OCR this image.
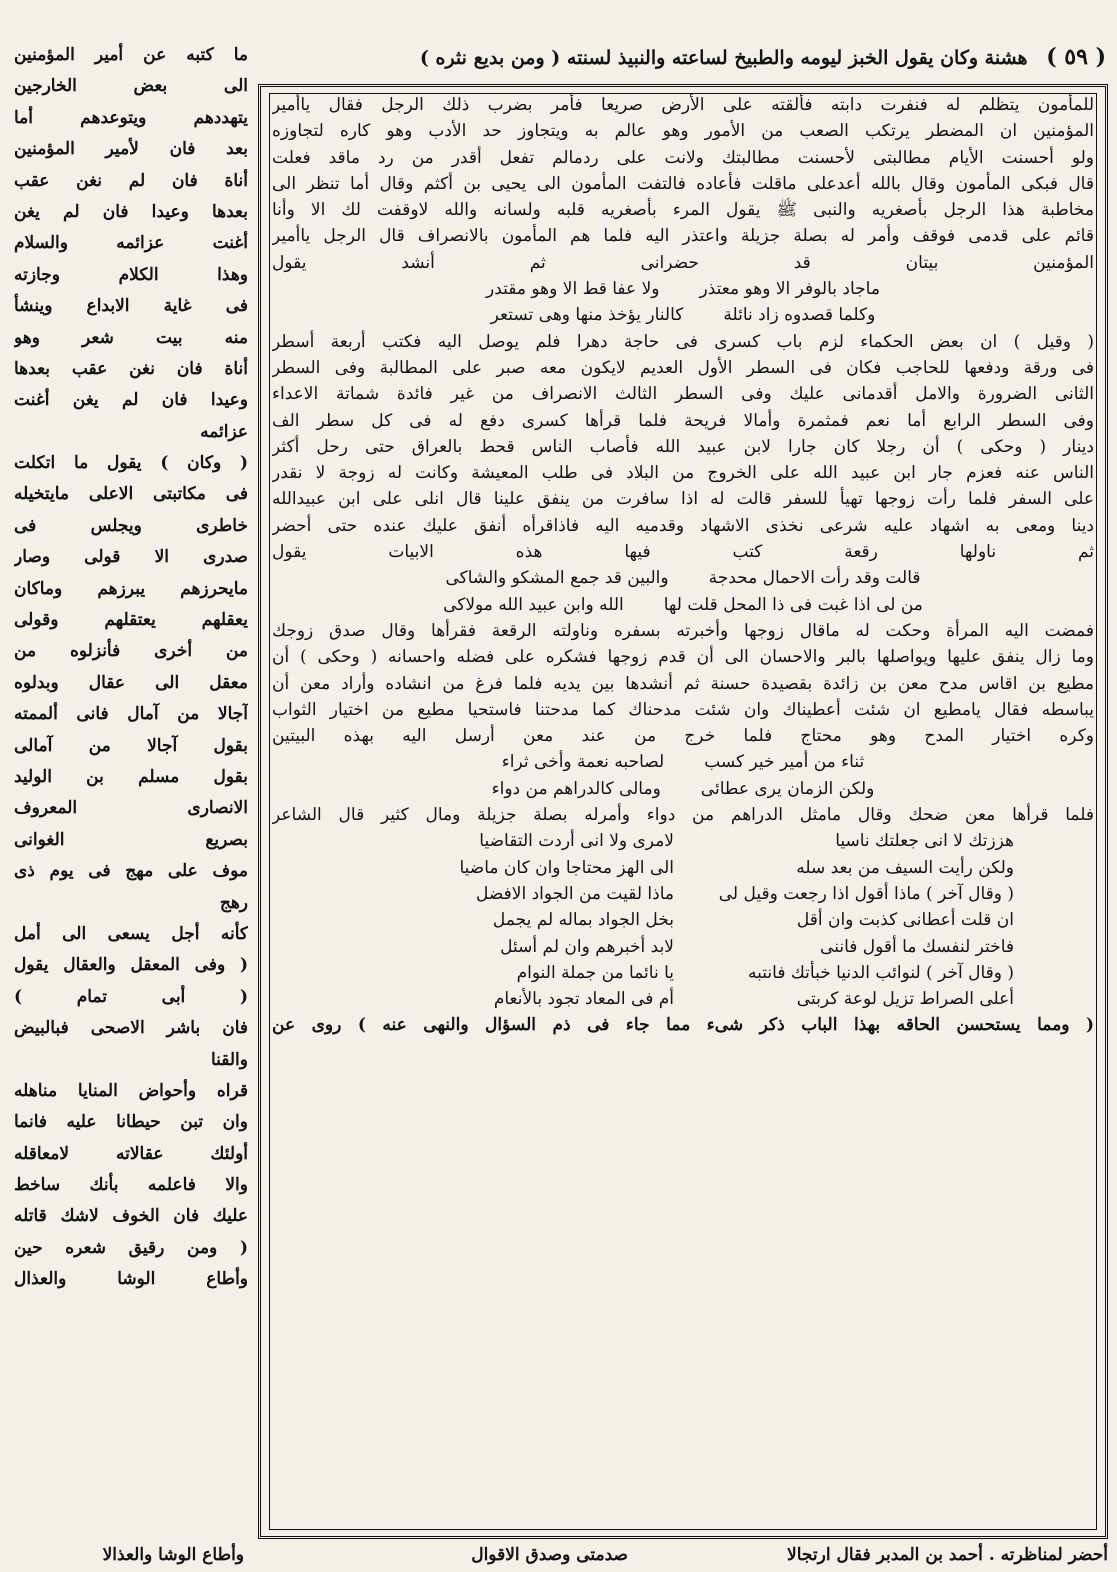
( ٥٩ ) هشنة وكان يقول الخبز ليومه والطبيخ لساعته والنبيذ لسنته ( ومن بديع نثره )
للمأمون يتظلم له فنفرت دابته فألقته على الأرض صريعا فأمر بضرب ذلك الرجل فقال ياأمير
المؤمنين ان المضطر يرتكب الصعب من الأمور وهو عالم به ويتجاوز حد الأدب وهو كاره لتجاوزه
ولو أحسنت الأيام مطالبتى لأحسنت مطالبتك ولانت على ردمالم تفعل أقدر من رد ماقد فعلت
قال فبكى المأمون وقال بالله أعدعلى ماقلت فأعاده فالتفت المأمون الى يحيى بن أكثم وقال أما تنظر الى
مخاطبة هذا الرجل بأصغريه والنبى ﷺ يقول المرء بأصغريه قلبه ولسانه والله لاوقفت لك الا وأنا
قائم على قدمى فوقف وأمر له بصلة جزيلة واعتذر اليه فلما هم المأمون بالانصراف قال الرجل ياأمير
المؤمنين بيتان قد حضرانى ثم أنشد يقول
ماجاد بالوفر الا وهو معتذرولا عفا قط الا وهو مقتدر
وكلما قصدوه زاد نائلةكالنار يؤخذ منها وهى تستعر
( وقيل ) ان بعض الحكماء لزم باب كسرى فى حاجة دهرا فلم يوصل اليه فكتب أربعة أسطر
فى ورقة ودفعها للحاجب فكان فى السطر الأول العديم لايكون معه صبر على المطالبة وفى السطر
الثانى الضرورة والامل أقدمانى عليك وفى السطر الثالث الانصراف من غير فائدة شماتة الاعداء
وفى السطر الرابع أما نعم فمثمرة وأمالا فريحة فلما قرأها كسرى دفع له فى كل سطر الف
دينار ( وحكى ) أن رجلا كان جارا لابن عبيد الله فأصاب الناس قحط بالعراق حتى رحل أكثر
الناس عنه فعزم جار ابن عبيد الله على الخروج من البلاد فى طلب المعيشة وكانت له زوجة لا نقدر
على السفر فلما رأت زوجها تهيأ للسفر قالت له اذا سافرت من ينفق علينا قال انلى على ابن عبيدالله
دينا ومعى به اشهاد عليه شرعى نخذى الاشهاد وقدميه اليه فاذاقرأه أنفق عليك عنده حتى أحضر
ثم ناولها رقعة كتب فيها هذه الابيات يقول
قالت وقد رأت الاحمال محدجةوالبين قد جمع المشكو والشاكى
من لى اذا غبت فى ذا المحل قلت لهاالله وابن عبيد الله مولاكى
فمضت اليه المرأة وحكت له ماقال زوجها وأخبرته بسفره وناولته الرقعة فقرأها وقال صدق زوجك
وما زال ينفق عليها ويواصلها بالبر والاحسان الى أن قدم زوجها فشكره على فضله واحسانه ( وحكى ) أن
مطيع بن اقاس مدح معن بن زائدة بقصيدة حسنة ثم أنشدها بين يديه فلما فرغ من انشاده وأراد معن أن
يباسطه فقال يامطيع ان شئت أعطيناك وان شئت مدحناك كما مدحتنا فاستحيا مطيع من اختيار الثواب
وكره اختيار المدح وهو محتاج فلما خرج من عند معن أرسل اليه بهذه البيتين
ثناء من أمير خير كسبلصاحبه نعمة وأخى ثراء
ولكن الزمان يرى عطائىومالى كالدراهم من دواء
فلما قرأها معن ضحك وقال مامثل الدراهم من دواء وأمرله بصلة جزيلة ومال كثير قال الشاعر
هززتك لا انى جعلتك ناسيا
لامرى ولا انى أردت التقاضيا
ولكن رأيت السيف من بعد سله
الى الهز محتاجا وان كان ماضيا
( وقال آخر ) ماذا أقول اذا رجعت وقيل لى
ماذا لقيت من الجواد الافضل
ان قلت أعطانى كذبت وان أقل
بخل الجواد بماله لم يجمل
فاختر لنفسك ما أقول فاننى
لابد أخبرهم وان لم أسئل
( وقال آخر ) لنوائب الدنيا خبأتك فانتبه
يا نائما من جملة النوام
أعلى الصراط تزيل لوعة كربتى
أم فى المعاد تجود بالأنعام
( ومما يستحسن الحاقه بهذا الباب ذكر شىء مما جاء فى ذم السؤال والنهى عنه ) روى عن
ما كتبه عن أمير المؤمنين
الى بعض الخارجين
يتهددهم ويتوعدهم أما
بعد فان لأمير المؤمنين
أناة فان لم نغن عقب
بعدها وعيدا فان لم يغن
أغنت عزائمه والسلام
وهذا الكلام وجازته
فى غاية الابداع وينشأ
منه بيت شعر وهو
أناة فان نغن عقب بعدها
وعيدا فان لم يغن أغنت
عزائمه
( وكان ) يقول ما اتكلت
فى مكاتبتى الاعلى مايتخيله
خاطرى ويجلس فى
صدرى الا قولى وصار
مايحرزهم يبرزهم وماكان
يعقلهم يعتقلهم وقولى
من أخرى فأنزلوه من
معقل الى عقال وبدلوه
آجالا من آمال فانى ألممته
بقول آجالا من آمالى
بقول مسلم بن الوليد
الانصارى المعروف
بصريع الغوانى
موف على مهج فى يوم ذى
رهج
كأنه أجل يسعى الى أمل
( وفى المعقل والعقال يقول
( أبى تمام )
فان باشر الاصحى فبالبيض
والقنا
قراه وأحواض المنايا مناهله
وان تبن حيطانا عليه فانما
أولئك عقالاته لامعاقله
والا فاعلمه بأنك ساخط
عليك فان الخوف لاشك قاتله
( ومن رقيق شعره حين
وأطاع الوشا والعذال
أحضر لمناظرته . أحمد بن المدبر فقال ارتجالا
صدمتى وصدق الاقوال
وأطاع الوشا والعذالا
